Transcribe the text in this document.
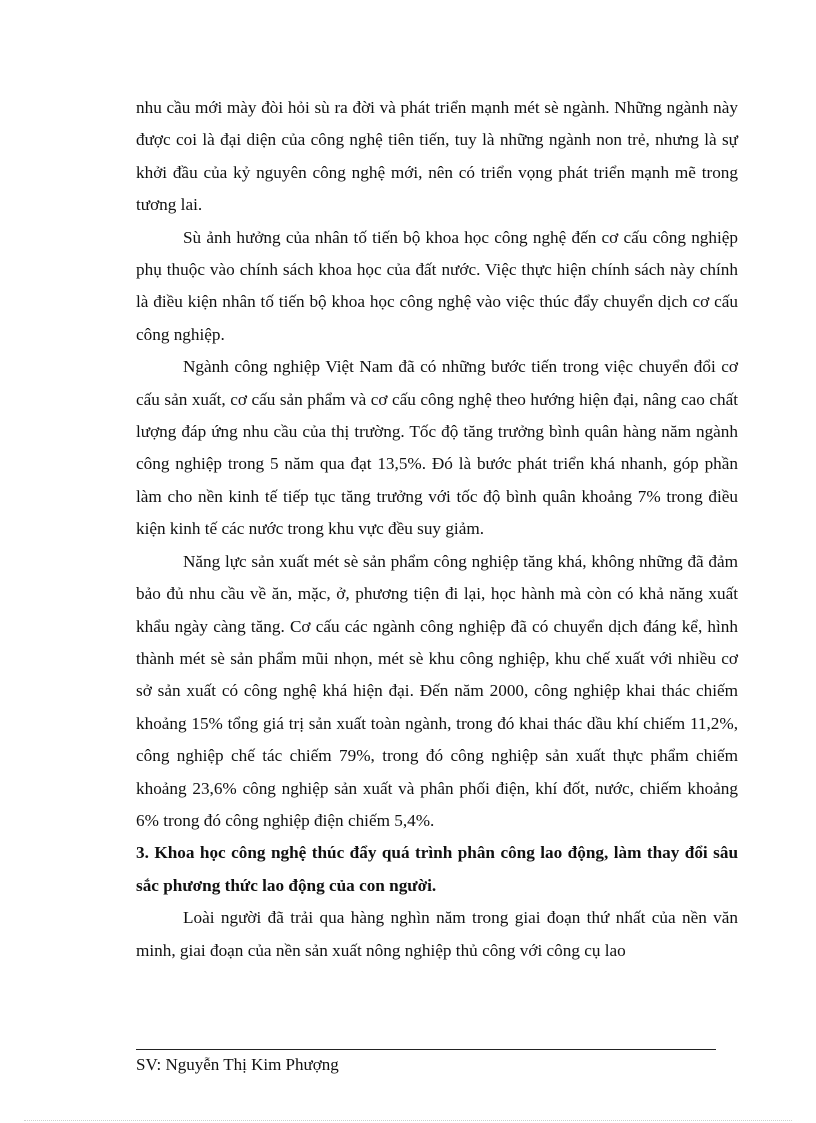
nhu cầu mới mày đòi hỏi sù ra đời và phát triển mạnh mét sè ngành. Những ngành này được coi là đại diện của công nghệ tiên tiến, tuy là những ngành non trẻ, nhưng là sự khởi đầu của kỷ nguyên công nghệ mới, nên có triển vọng phát triển mạnh mẽ trong tương lai.

Sù ảnh hưởng của nhân tố tiến bộ khoa học công nghệ đến cơ cấu công nghiệp phụ thuộc vào chính sách khoa học của đất nước. Việc thực hiện chính sách này chính là điều kiện nhân tố tiến bộ khoa học công nghệ vào việc thúc đẩy chuyển dịch cơ cấu công nghiệp.

Ngành công nghiệp Việt Nam đã có những bước tiến trong việc chuyển đổi cơ cấu sản xuất, cơ cấu sản phẩm và cơ cấu công nghệ theo hướng hiện đại, nâng cao chất lượng đáp ứng nhu cầu của thị trường. Tốc độ tăng trưởng bình quân hàng năm ngành công nghiệp trong 5 năm qua đạt 13,5%. Đó là bước phát triển khá nhanh, góp phần làm cho nền kinh tế tiếp tục tăng trưởng với tốc độ bình quân khoảng 7% trong điều kiện kinh tế các nước trong khu vực đều suy giảm.

Năng lực sản xuất mét sè sản phẩm công nghiệp tăng khá, không những đã đảm bảo đủ nhu cầu về ăn, mặc, ở, phương tiện đi lại, học hành mà còn có khả năng xuất khẩu ngày càng tăng. Cơ cấu các ngành công nghiệp đã có chuyển dịch đáng kể, hình thành mét sè sản phẩm mũi nhọn, mét sè khu công nghiệp, khu chế xuất với nhiều cơ sở sản xuất có công nghệ khá hiện đại. Đến năm 2000, công nghiệp khai thác chiếm khoảng 15% tổng giá trị sản xuất toàn ngành, trong đó khai thác dầu khí chiếm 11,2%, công nghiệp chế tác chiếm 79%, trong đó công nghiệp sản xuất thực phẩm chiếm khoảng 23,6% công nghiệp sản xuất và phân phối điện, khí đốt, nước, chiếm khoảng 6% trong đó công nghiệp điện chiếm 5,4%.

3. Khoa học công nghệ thúc đẩy quá trình phân công lao động, làm thay đổi sâu sắc phương thức lao động của con người.

Loài người đã trải qua hàng nghìn năm trong giai đoạn thứ nhất của nền văn minh, giai đoạn của nền sản xuất nông nghiệp thủ công với công cụ lao

SV: Nguyễn Thị Kim Phượng
